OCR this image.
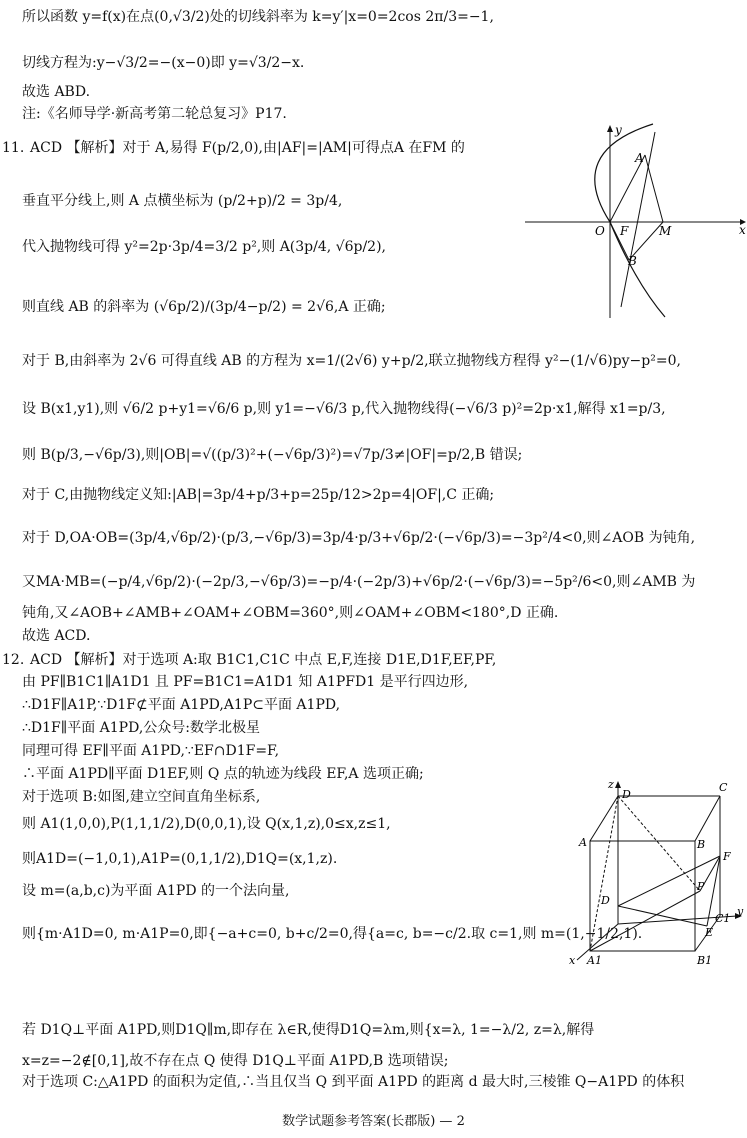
11.
12.
所以函数 y=f(x)在点(0,√3/2)处的切线斜率为 k=y′|x=0=2cos 2π/3=−1,
切线方程为:y−√3/2=−(x−0)即 y=√3/2−x.
故选 ABD.
注:《名师导学·新高考第二轮总复习》P17.
ACD 【解析】对于 A,易得 F(p/2,0),由|AF|=|AM|可得点A 在FM 的
垂直平分线上,则 A 点横坐标为 (p/2+p)/2 = 3p/4,
代入抛物线可得 y²=2p·3p/4=3/2 p²,则 A(3p/4, √6p/2),
则直线 AB 的斜率为 (√6p/2)/(3p/4−p/2) = 2√6,A 正确;
对于 B,由斜率为 2√6 可得直线 AB 的方程为 x=1/(2√6) y+p/2,联立抛物线方程得 y²−(1/√6)py−p²=0,
设 B(x1,y1),则 √6/2 p+y1=√6/6 p,则 y1=−√6/3 p,代入抛物线得(−√6/3 p)²=2p·x1,解得 x1=p/3,
则 B(p/3,−√6p/3),则|OB|=√((p/3)²+(−√6p/3)²)=√7p/3≠|OF|=p/2,B 错误;
对于 C,由抛物线定义知:|AB|=3p/4+p/3+p=25p/12>2p=4|OF|,C 正确;
对于 D,OA·OB=(3p/4,√6p/2)·(p/3,−√6p/3)=3p/4·p/3+√6p/2·(−√6p/3)=−3p²/4<0,则∠AOB 为钝角,
又MA·MB=(−p/4,√6p/2)·(−2p/3,−√6p/3)=−p/4·(−2p/3)+√6p/2·(−√6p/3)=−5p²/6<0,则∠AMB 为
钝角,又∠AOB+∠AMB+∠OAM+∠OBM=360°,则∠OAM+∠OBM<180°,D 正确.
故选 ACD.
ACD 【解析】对于选项 A:取 B1C1,C1C 中点 E,F,连接 D1E,D1F,EF,PF,
由 PF∥B1C1∥A1D1 且 PF=B1C1=A1D1 知 A1PFD1 是平行四边形,
∴D1F∥A1P,∵D1F⊄平面 A1PD,A1P⊂平面 A1PD,
∴D1F∥平面 A1PD,公众号:数学北极星
同理可得 EF∥平面 A1PD,∵EF∩D1F=F,
∴平面 A1PD∥平面 D1EF,则 Q 点的轨迹为线段 EF,A 选项正确;
对于选项 B:如图,建立空间直角坐标系,
则 A1(1,0,0),P(1,1,1/2),D(0,0,1),设 Q(x,1,z),0≤x,z≤1,
则A1D=(−1,0,1),A1P=(0,1,1/2),D1Q=(x,1,z).
设 m=(a,b,c)为平面 A1PD 的一个法向量,
则{m·A1D=0, m·A1P=0,即{−a+c=0, b+c/2=0,得{a=c, b=−c/2.取 c=1,则 m=(1,−1/2,1).
若 D1Q⊥平面 A1PD,则D1Q∥m,即存在 λ∈R,使得D1Q=λm,则{x=λ, 1=−λ/2, z=λ,解得
x=z=−2∉[0,1],故不存在点 Q 使得 D1Q⊥平面 A1PD,B 选项错误;
对于选项 C:△A1PD 的面积为定值,∴当且仅当 Q 到平面 A1PD 的距离 d 最大时,三棱锥 Q−A1PD 的体积
y
x
O F	M
A
B
z
D
C
A	B
F
D
P
C1
y
E
A1	B1
x
数学试题参考答案(长郡版) — 2
